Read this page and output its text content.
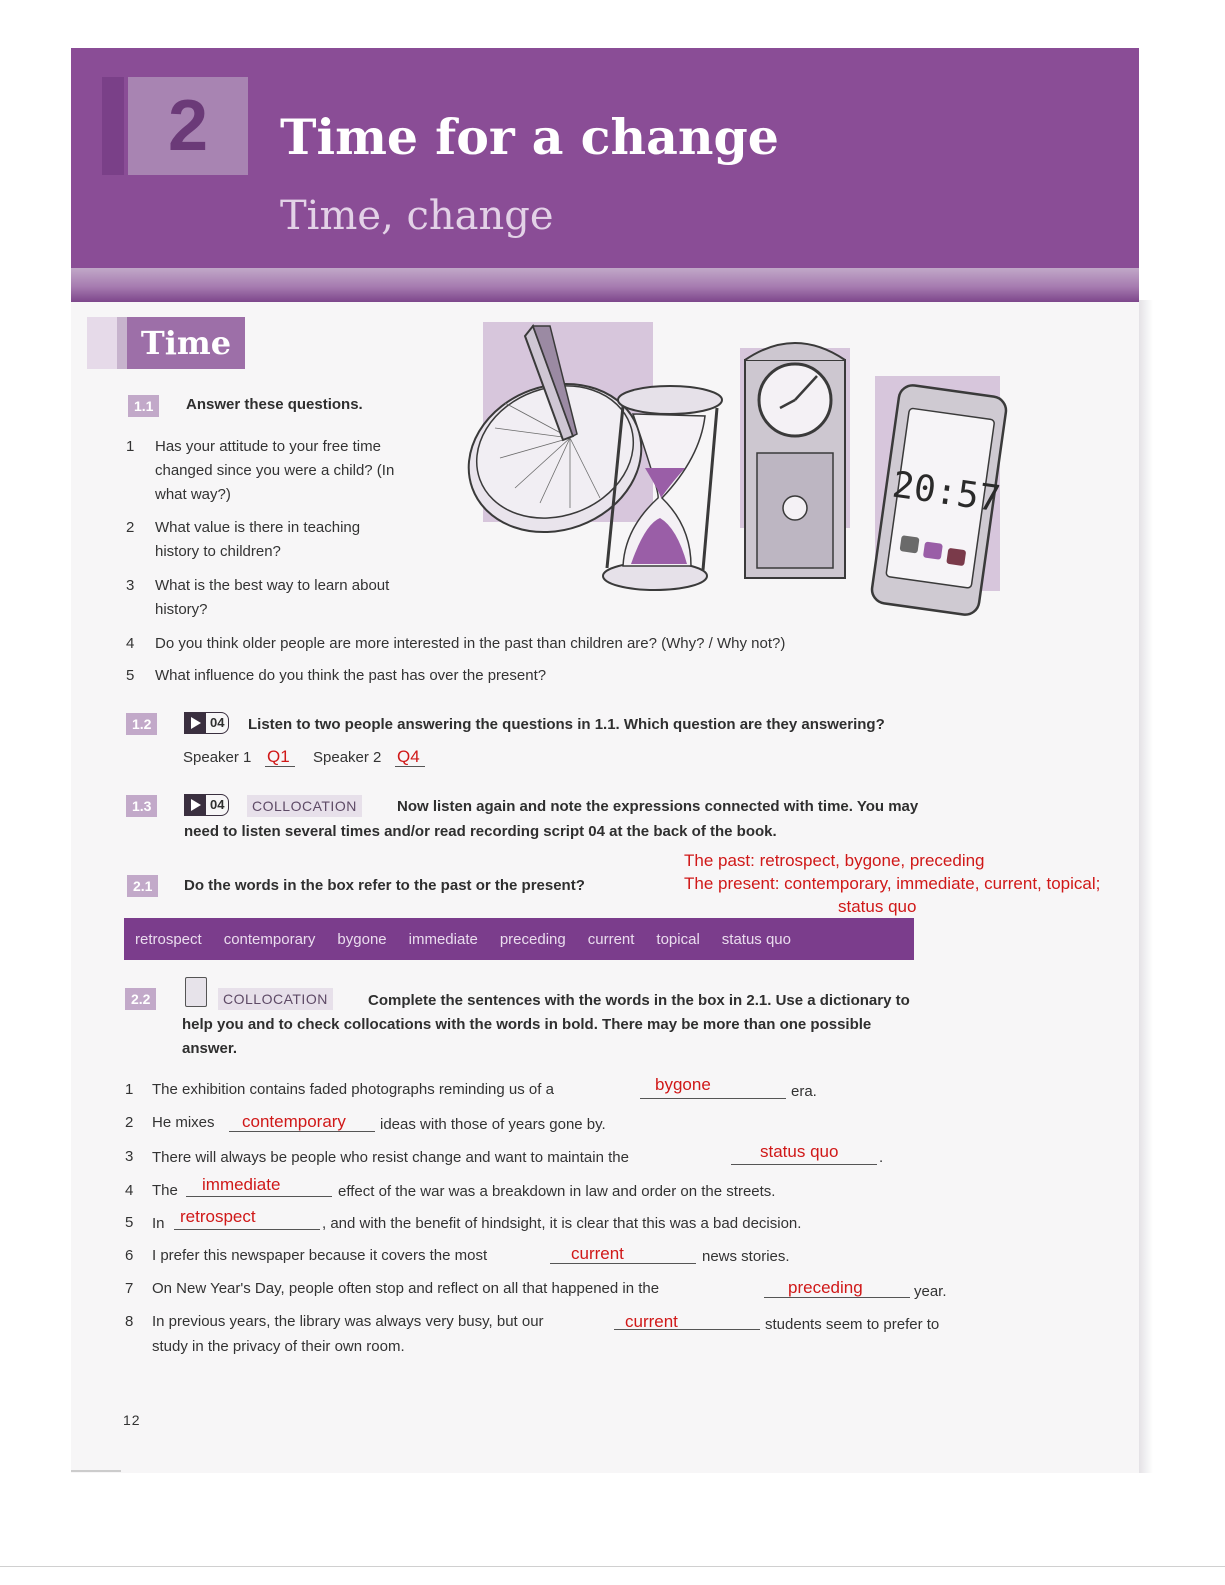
2	Time for a change
Time, change
Time
20:57
1.1	Answer these questions.
1 Has your attitude to your free time
changed since you were a child? (In
what way?)
2 What value is there in teaching
history to children?
3 What is the best way to learn about
history?
4 Do you think older people are more interested in the past than children are? (Why? / Why not?)
5 What influence do you think the past has over the present?
1.2	04	Listen to two people answering the questions in 1.1. Which question are they answering?
Speaker 1 Q1 Speaker 2 Q4
1.3	04	COLLOCATION	Now listen again and note the expressions connected with time. You may
need to listen several times and/or read recording script 04 at the back of the book.
The past: retrospect, bygone, preceding
2.1	Do the words in the box refer to the past or the present?	The present: contemporary, immediate, current, topical;
status quo
retrospect	contemporary	bygone	immediate	preceding	current	topical	status quo
2.2	COLLOCATION	Complete the sentences with the words in the box in 2.1. Use a dictionary to
help you and to check collocations with the words in bold. There may be more than one possible
answer.
1 The exhibition contains faded photographs reminding us of a	bygone	era.
2 He mixes contemporary ideas with those of years gone by.
3 There will always be people who resist change and want to maintain the	status quo	.
4 The immediate	effect of the war was a breakdown in law and order on the streets.
5 In retrospect	, and with the benefit of hindsight, it is clear that this was a bad decision.
6 I prefer this newspaper because it covers the most	current	news stories.
7 On New Year's Day, people often stop and reflect on all that happened in the	preceding	year.
8 In previous years, the library was always very busy, but our	current	students seem to prefer to
study in the privacy of their own room.
12
